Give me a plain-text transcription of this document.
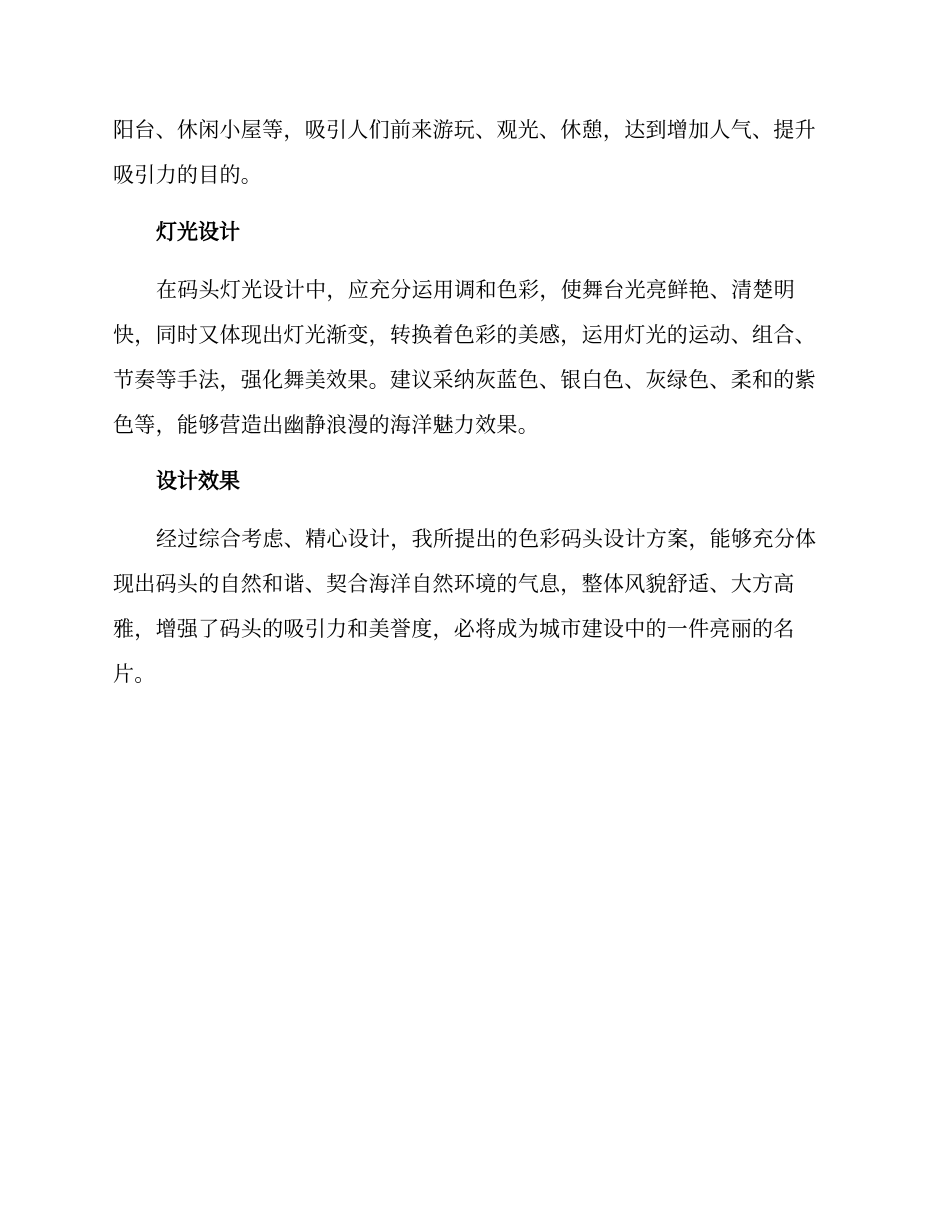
阳台、休闲小屋等，吸引人们前来游玩、观光、休憩，达到增加人气、提升
吸引力的目的。
灯光设计
在码头灯光设计中，应充分运用调和色彩，使舞台光亮鲜艳、清楚明
快，同时又体现出灯光渐变，转换着色彩的美感，运用灯光的运动、组合、
节奏等手法，强化舞美效果。建议采纳灰蓝色、银白色、灰绿色、柔和的紫
色等，能够营造出幽静浪漫的海洋魅力效果。
设计效果
经过综合考虑、精心设计，我所提出的色彩码头设计方案，能够充分体
现出码头的自然和谐、契合海洋自然环境的气息，整体风貌舒适、大方高
雅，增强了码头的吸引力和美誉度，必将成为城市建设中的一件亮丽的名
片。
